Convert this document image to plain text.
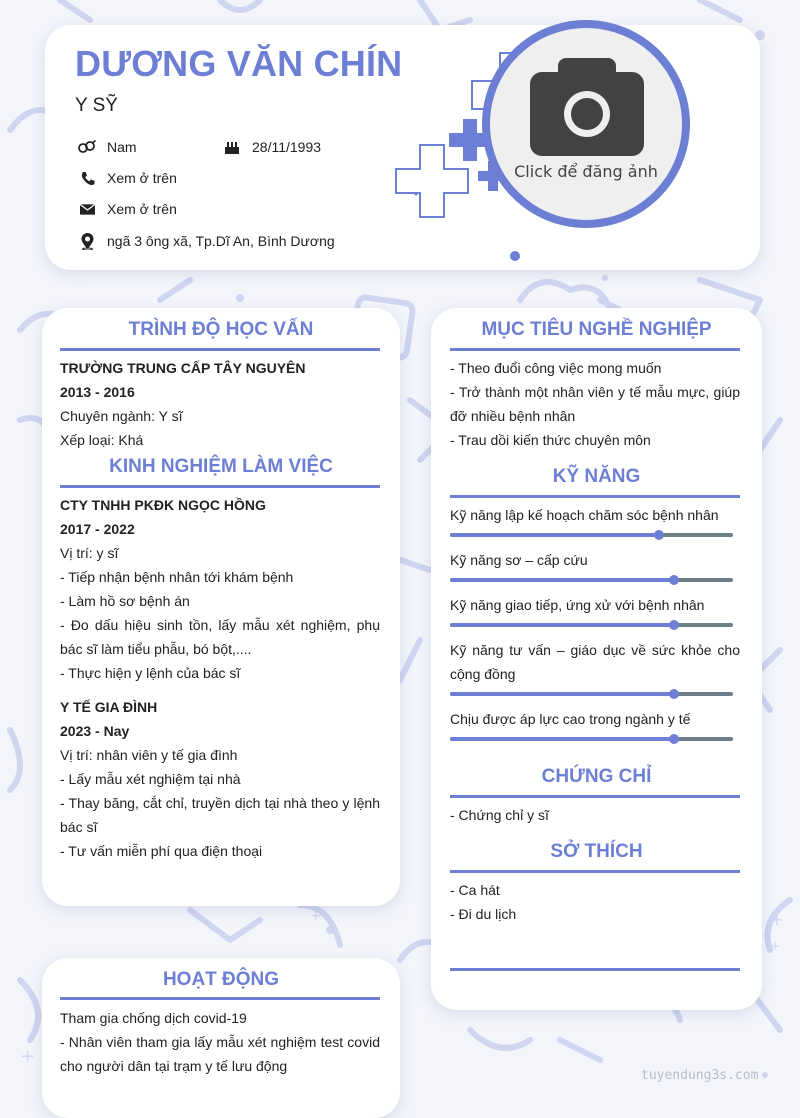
+	+
+
+
DƯƠNG VĂN CHÍN
Y SỸ
Nam	28/11/1993
Xem ở trên
Xem ở trên
ngã 3 ông xã, Tp.Dĩ An, Bình Dương
Click để đăng ảnh
TRÌNH ĐỘ HỌC VẤN
TRƯỜNG TRUNG CẤP TÂY NGUYÊN
2013 - 2016
Chuyên ngành: Y sĩ
Xếp loại: Khá
KINH NGHIỆM LÀM VIỆC
CTY TNHH PKĐK NGỌC HỒNG
2017 - 2022
Vị trí: y sĩ
- Tiếp nhận bệnh nhân tới khám bệnh
- Làm hồ sơ bệnh án
- Đo dấu hiệu sinh tồn, lấy mẫu xét nghiệm, phụ bác sĩ làm tiểu phẫu, bó bột,....
- Thực hiện y lệnh của bác sĩ
Y TẾ GIA ĐÌNH
2023 - Nay
Vị trí: nhân viên y tế gia đình
- Lấy mẫu xét nghiệm tại nhà
- Thay băng, cắt chỉ, truyền dịch tại nhà theo y lệnh bác sĩ
- Tư vấn miễn phí qua điện thoại
MỤC TIÊU NGHỀ NGHIỆP
- Theo đuổi công việc mong muốn
- Trở thành một nhân viên y tế mẫu mực, giúp đỡ nhiều bệnh nhân
- Trau dồi kiến thức chuyên môn
KỸ NĂNG
Kỹ năng lập kế hoạch chăm sóc bệnh nhân
Kỹ năng sơ – cấp cứu
Kỹ năng giao tiếp, ứng xử với bệnh nhân
Kỹ năng tư vấn – giáo dục về sức khỏe cho cộng đồng
Chịu được áp lực cao trong ngành y tế
CHỨNG CHỈ
- Chứng chỉ y sĩ
SỞ THÍCH
- Ca hát
- Đi du lịch
HOẠT ĐỘNG
Tham gia chống dịch covid-19
- Nhân viên tham gia lấy mẫu xét nghiệm test covid cho người dân tại trạm y tế lưu động
tuyendung3s.com
